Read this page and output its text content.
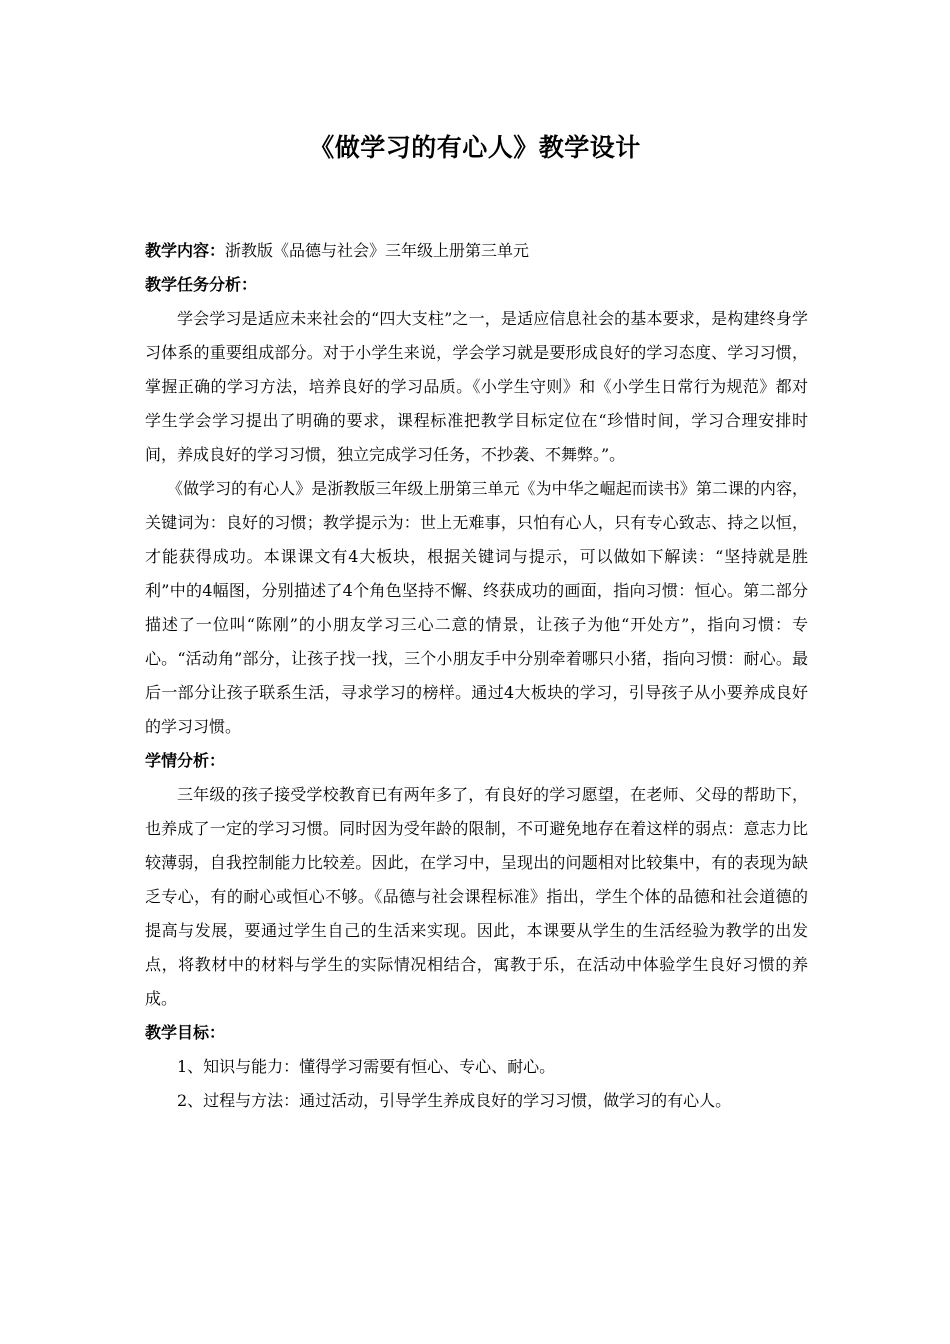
《做学习的有心人》教学设计

教学内容：浙教版《品德与社会》三年级上册第三单元

教学任务分析：

学会学习是适应未来社会的“四大支柱”之一，是适应信息社会的基本要求，是构建终身学习体系的重要组成部分。对于小学生来说，学会学习就是要形成良好的学习态度、学习习惯，掌握正确的学习方法，培养良好的学习品质。《小学生守则》和《小学生日常行为规范》都对学生学会学习提出了明确的要求，课程标准把教学目标定位在“珍惜时间，学习合理安排时间，养成良好的学习习惯，独立完成学习任务，不抄袭、不舞弊。”。

《做学习的有心人》是浙教版三年级上册第三单元《为中华之崛起而读书》第二课的内容，关键词为：良好的习惯；教学提示为：世上无难事，只怕有心人，只有专心致志、持之以恒，才能获得成功。本课课文有4大板块，根据关键词与提示，可以做如下解读：“坚持就是胜利”中的4幅图，分别描述了4个角色坚持不懈、终获成功的画面，指向习惯：恒心。第二部分描述了一位叫“陈刚”的小朋友学习三心二意的情景，让孩子为他“开处方”，指向习惯：专心。“活动角”部分，让孩子找一找，三个小朋友手中分别牵着哪只小猪，指向习惯：耐心。最后一部分让孩子联系生活，寻求学习的榜样。通过4大板块的学习，引导孩子从小要养成良好的学习习惯。

学情分析：

三年级的孩子接受学校教育已有两年多了，有良好的学习愿望，在老师、父母的帮助下，也养成了一定的学习习惯。同时因为受年龄的限制，不可避免地存在着这样的弱点：意志力比较薄弱，自我控制能力比较差。因此，在学习中，呈现出的问题相对比较集中，有的表现为缺乏专心，有的耐心或恒心不够。《品德与社会课程标准》指出，学生个体的品德和社会道德的提高与发展，要通过学生自己的生活来实现。因此，本课要从学生的生活经验为教学的出发点，将教材中的材料与学生的实际情况相结合，寓教于乐，在活动中体验学生良好习惯的养成。

教学目标：

1、知识与能力：懂得学习需要有恒心、专心、耐心。

2、过程与方法：通过活动，引导学生养成良好的学习习惯，做学习的有心人。
